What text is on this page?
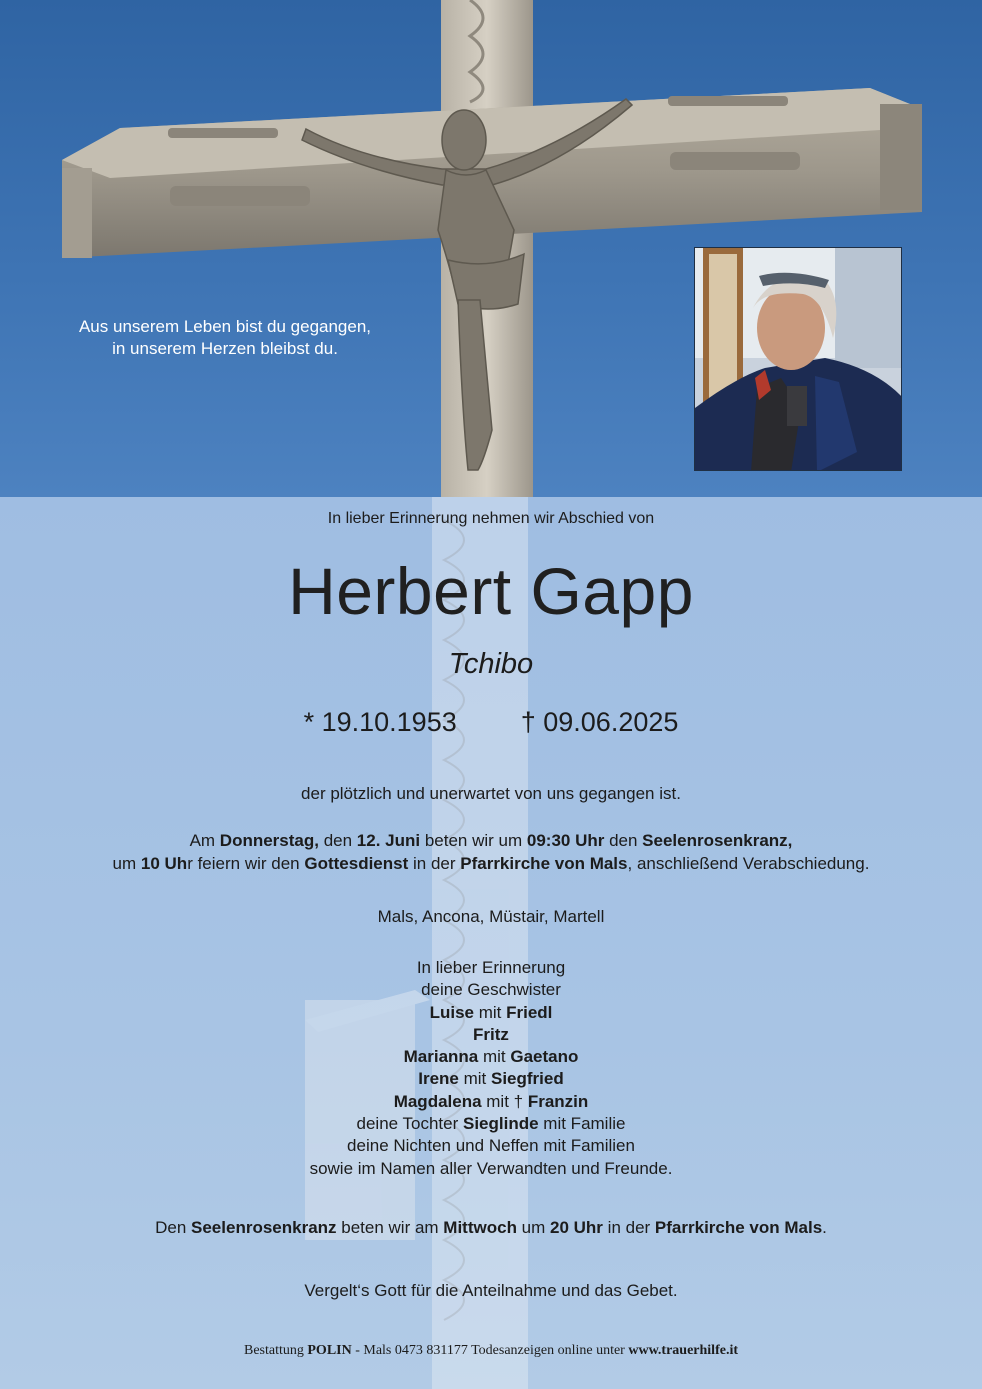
Aus unserem Leben bist du gegangen,
in unserem Herzen bleibst du.
In lieber Erinnerung nehmen wir Abschied von
Herbert Gapp
Tchibo
* 19.10.1953 † 09.06.2025
der plötzlich und unerwartet von uns gegangen ist.
Am Donnerstag, den 12. Juni beten wir um 09:30 Uhr den Seelenrosenkranz,
um 10 Uhr feiern wir den Gottesdienst in der Pfarrkirche von Mals, anschließend Verabschiedung.
Mals, Ancona, Müstair, Martell
In lieber Erinnerung
deine Geschwister
Luise mit Friedl
Fritz
Marianna mit Gaetano
Irene mit Siegfried
Magdalena mit † Franzin
deine Tochter Sieglinde mit Familie
deine Nichten und Neffen mit Familien
sowie im Namen aller Verwandten und Freunde.
Den Seelenrosenkranz beten wir am Mittwoch um 20 Uhr in der Pfarrkirche von Mals.
Vergelt‘s Gott für die Anteilnahme und das Gebet.
Bestattung POLIN - Mals 0473 831177 Todesanzeigen online unter www.trauerhilfe.it
